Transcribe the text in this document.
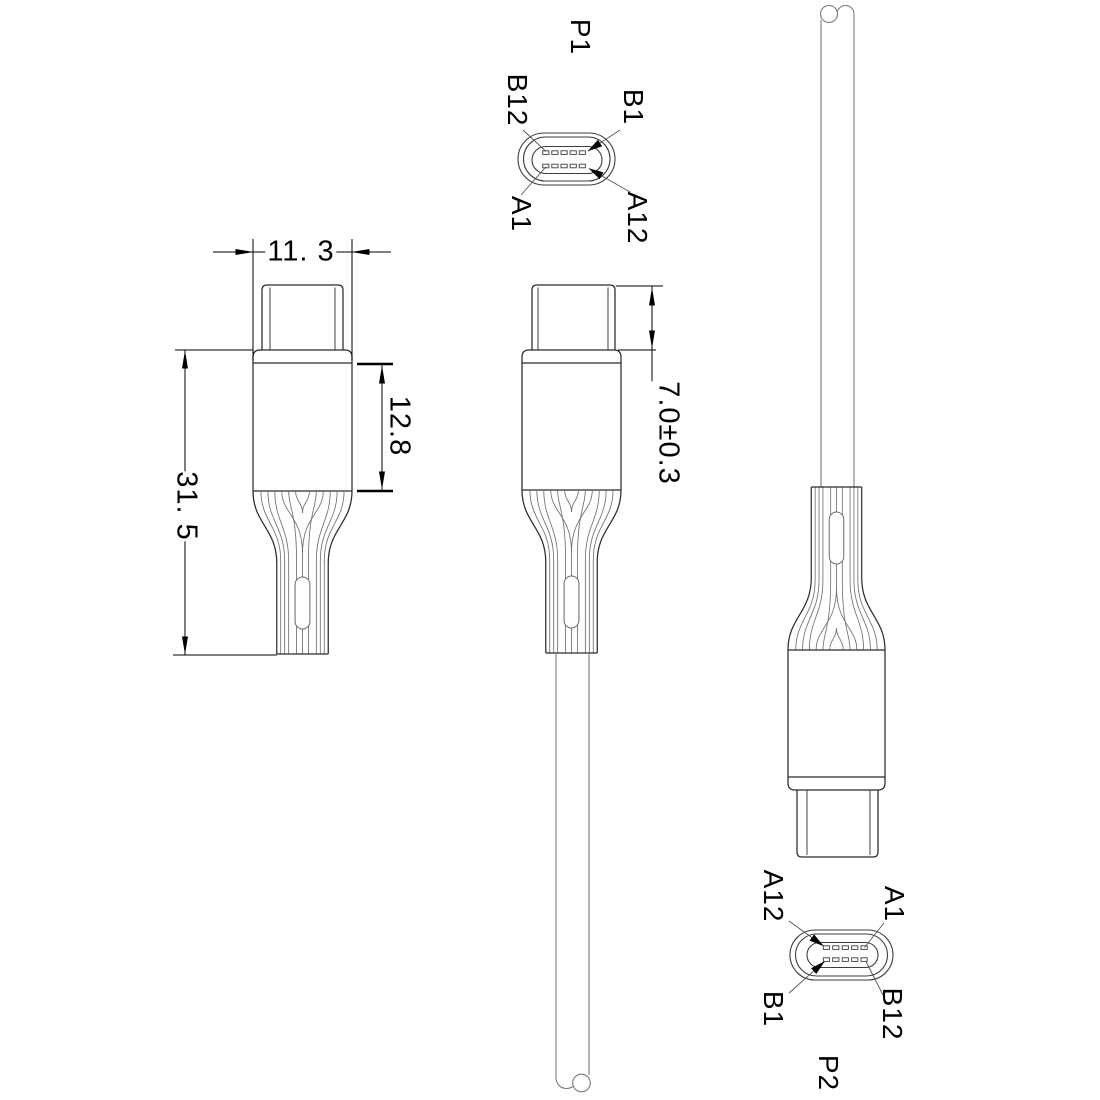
P1
B12	B1
A1	A12
A12	A1
B1	B12
P2
11. 3
31. 5
12.8	7.0±0.3
